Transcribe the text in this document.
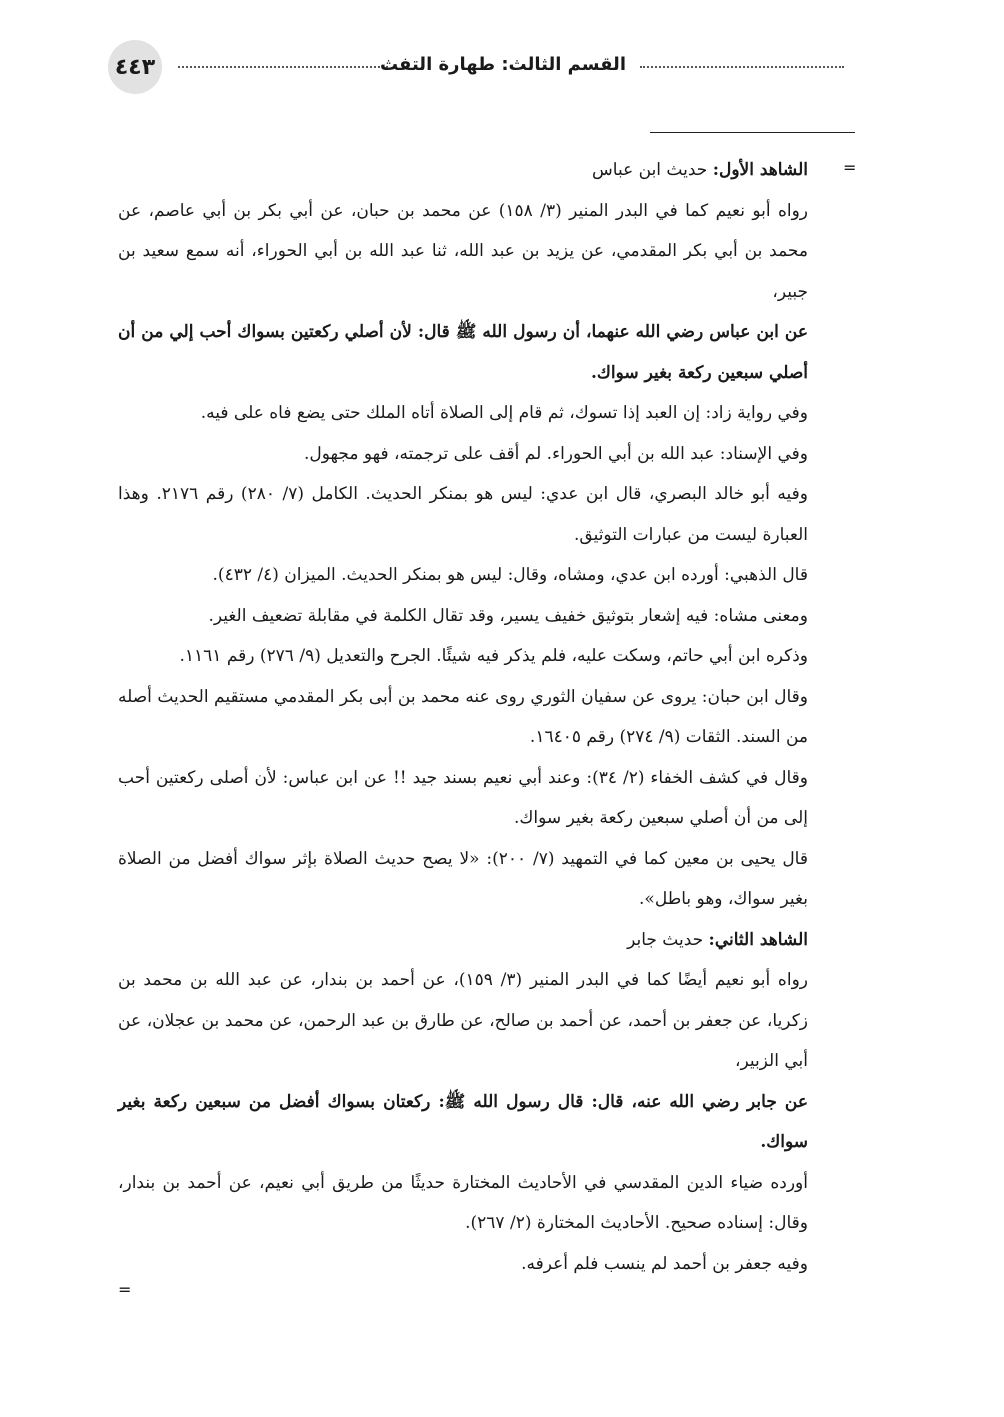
٤٤٣	القسم الثالث: طهارة التفث
=

الشاهد الأول: حديث ابن عباس

رواه أبو نعيم كما في البدر المنير (٣/ ١٥٨) عن محمد بن حبان، عن أبي بكر بن أبي عاصم، عن محمد بن أبي بكر المقدمي، عن يزيد بن عبد الله، ثنا عبد الله بن أبي الحوراء، أنه سمع سعيد بن جبير،

عن ابن عباس رضي الله عنهما، أن رسول الله ﷺ قال: لأن أصلي ركعتين بسواك أحب إلي من أن أصلي سبعين ركعة بغير سواك.

وفي رواية زاد: إن العبد إذا تسوك، ثم قام إلى الصلاة أتاه الملك حتى يضع فاه على فيه.

وفي الإسناد: عبد الله بن أبي الحوراء. لم أقف على ترجمته، فهو مجهول.

وفيه أبو خالد البصري، قال ابن عدي: ليس هو بمنكر الحديث. الكامل (٧/ ٢٨٠) رقم ٢١٧٦. وهذا العبارة ليست من عبارات التوثيق.

قال الذهبي: أورده ابن عدي، ومشاه، وقال: ليس هو بمنكر الحديث. الميزان (٤/ ٤٣٢).

ومعنى مشاه: فيه إشعار بتوثيق خفيف يسير، وقد تقال الكلمة في مقابلة تضعيف الغير.

وذكره ابن أبي حاتم، وسكت عليه، فلم يذكر فيه شيئًا. الجرح والتعديل (٩/ ٢٧٦) رقم ١١٦١.

وقال ابن حبان: يروى عن سفيان الثوري روى عنه محمد بن أبى بكر المقدمي مستقيم الحديث أصله من السند. الثقات (٩/ ٢٧٤) رقم ١٦٤٠٥.

وقال في كشف الخفاء (٢/ ٣٤): وعند أبي نعيم بسند جيد !! عن ابن عباس: لأن أصلى ركعتين أحب إلى من أن أصلي سبعين ركعة بغير سواك.

قال يحيى بن معين كما في التمهيد (٧/ ٢٠٠): «لا يصح حديث الصلاة بإثر سواك أفضل من الصلاة بغير سواك، وهو باطل».

الشاهد الثاني: حديث جابر

رواه أبو نعيم أيضًا كما في البدر المنير (٣/ ١٥٩)، عن أحمد بن بندار، عن عبد الله بن محمد بن زكريا، عن جعفر بن أحمد، عن أحمد بن صالح، عن طارق بن عبد الرحمن، عن محمد بن عجلان، عن أبي الزبير،

عن جابر رضي الله عنه، قال: قال رسول الله ﷺ: ركعتان بسواك أفضل من سبعين ركعة بغير سواك.

أورده ضياء الدين المقدسي في الأحاديث المختارة حديثًا من طريق أبي نعيم، عن أحمد بن بندار، وقال: إسناده صحيح. الأحاديث المختارة (٢/ ٢٦٧).

وفيه جعفر بن أحمد لم ينسب فلم أعرفه.

=
